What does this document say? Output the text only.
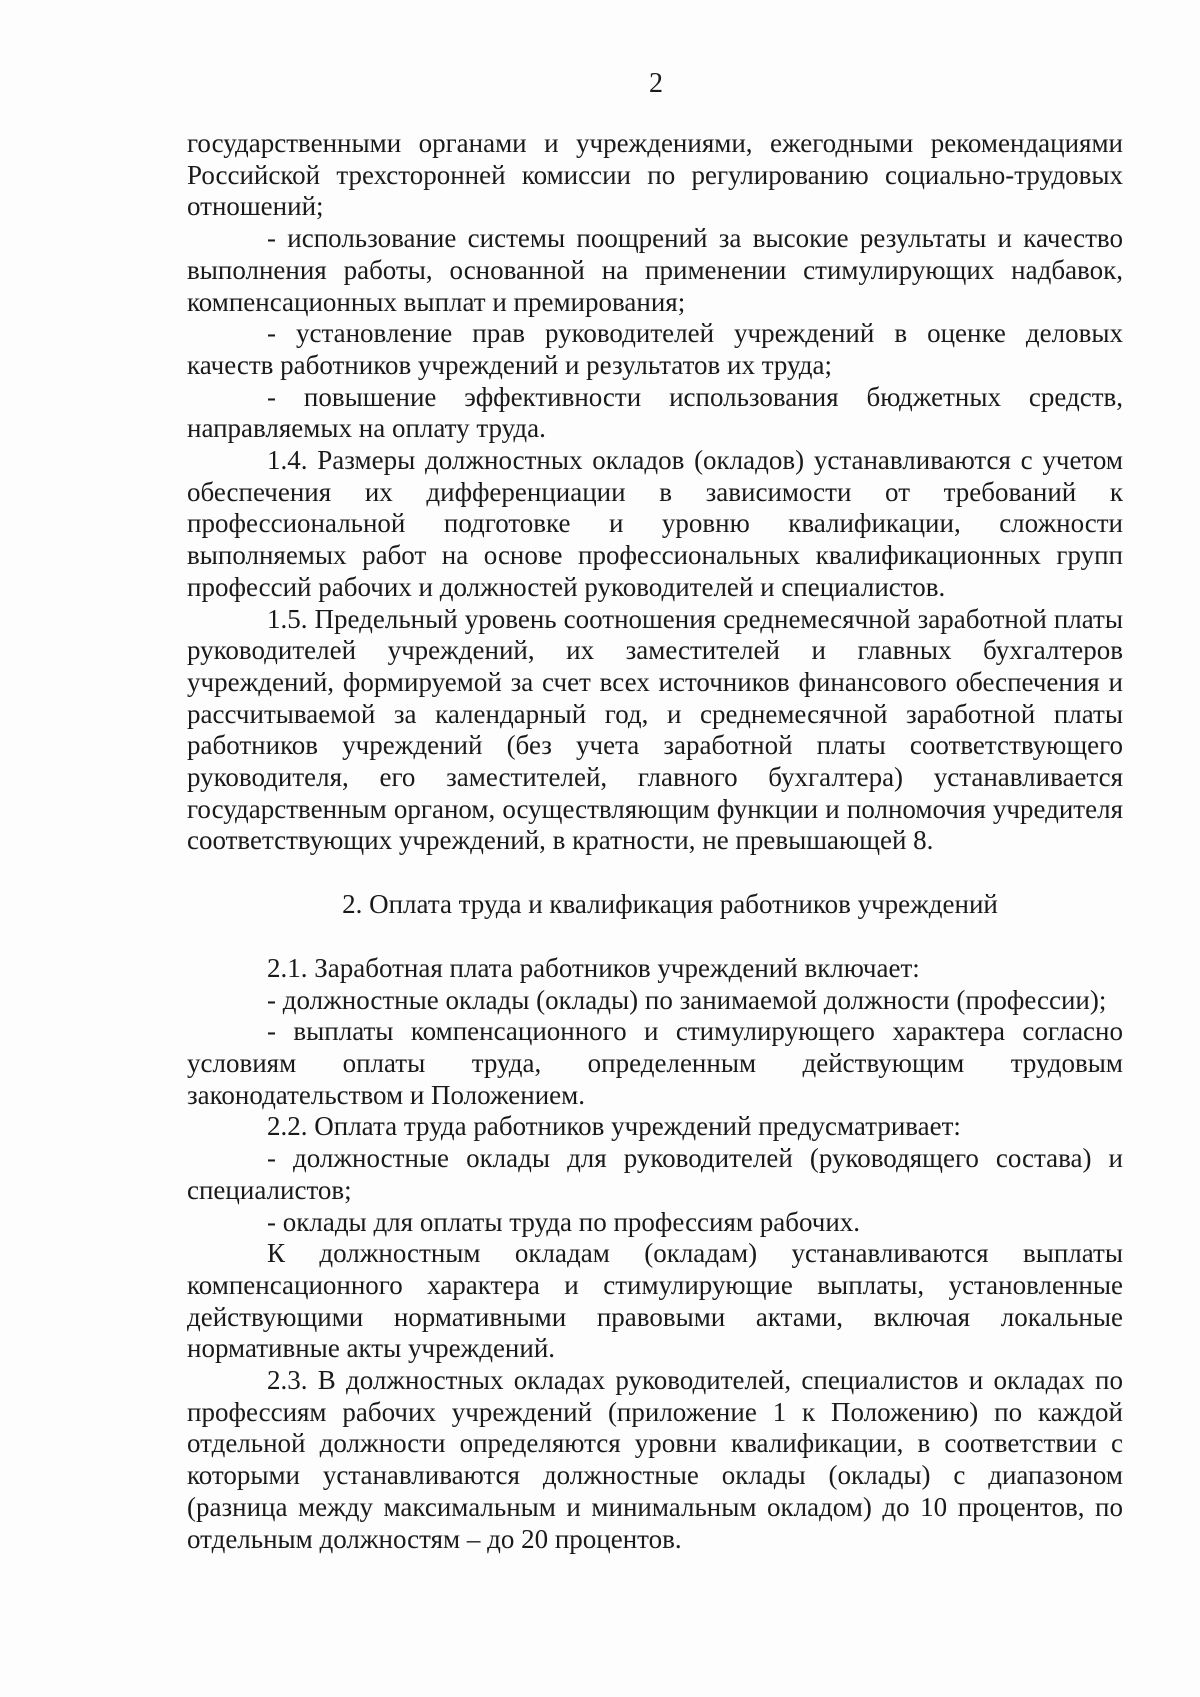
2

государственными органами и учреждениями, ежегодными рекомендациями Российской трехсторонней комиссии по регулированию социально-трудовых отношений;

- использование системы поощрений за высокие результаты и качество выполнения работы, основанной на применении стимулирующих надбавок, компенсационных выплат и премирования;

- установление прав руководителей учреждений в оценке деловых качеств работников учреждений и результатов их труда;

- повышение эффективности использования бюджетных средств, направляемых на оплату труда.

1.4. Размеры должностных окладов (окладов) устанавливаются с учетом обеспечения их дифференциации в зависимости от требований к профессиональной подготовке и уровню квалификации, сложности выполняемых работ на основе профессиональных квалификационных групп профессий рабочих и должностей руководителей и специалистов.

1.5. Предельный уровень соотношения среднемесячной заработной платы руководителей учреждений, их заместителей и главных бухгалтеров учреждений, формируемой за счет всех источников финансового обеспечения и рассчитываемой за календарный год, и среднемесячной заработной платы работников учреждений (без учета заработной платы соответствующего руководителя, его заместителей, главного бухгалтера) устанавливается государственным органом, осуществляющим функции и полномочия учредителя соответствующих учреждений, в кратности, не превышающей 8.

2. Оплата труда и квалификация работников учреждений

2.1. Заработная плата работников учреждений включает:

- должностные оклады (оклады) по занимаемой должности (профессии);

- выплаты компенсационного и стимулирующего характера согласно условиям оплаты труда, определенным действующим трудовым законодательством и Положением.

2.2. Оплата труда работников учреждений предусматривает:

- должностные оклады для руководителей (руководящего состава) и специалистов;

- оклады для оплаты труда по профессиям рабочих.

К должностным окладам (окладам) устанавливаются выплаты компенсационного характера и стимулирующие выплаты, установленные действующими нормативными правовыми актами, включая локальные нормативные акты учреждений.

2.3. В должностных окладах руководителей, специалистов и окладах по профессиям рабочих учреждений (приложение 1 к Положению) по каждой отдельной должности определяются уровни квалификации, в соответствии с которыми устанавливаются должностные оклады (оклады) с диапазоном (разница между максимальным и минимальным окладом) до 10 процентов, по отдельным должностям – до 20 процентов.
